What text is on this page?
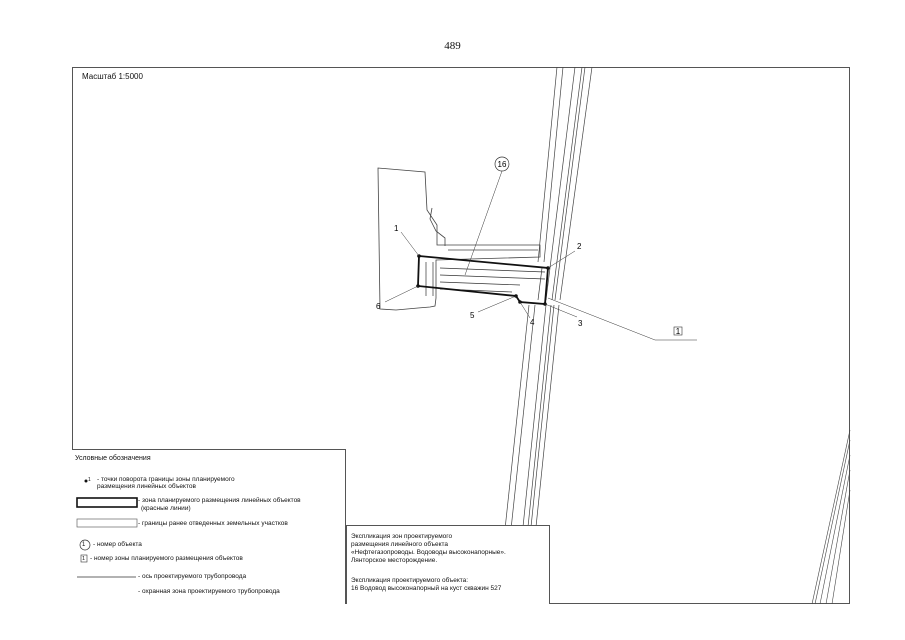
489
1
2
3
4
5
6
16
1
Масштаб 1:5000
Условные обозначения
1 - точки поворота границы зоны планируемого
размещения линейных объектов
- зона планируемого размещения линейных объектов
(красные линии)
- границы ранее отведенных земельных участков
1 - номер объекта
1 - номер зоны планируемого размещения объектов
- ось проектируемого трубопровода
- охранная зона проектируемого трубопровода
Экспликация зон проектируемого
размещения линейного объекта
«Нефтегазопроводы. Водоводы высоконапорные».
Лянторское месторождение.
Экспликация проектируемого объекта:
16 Водовод высоконапорный на куст скважин 527
